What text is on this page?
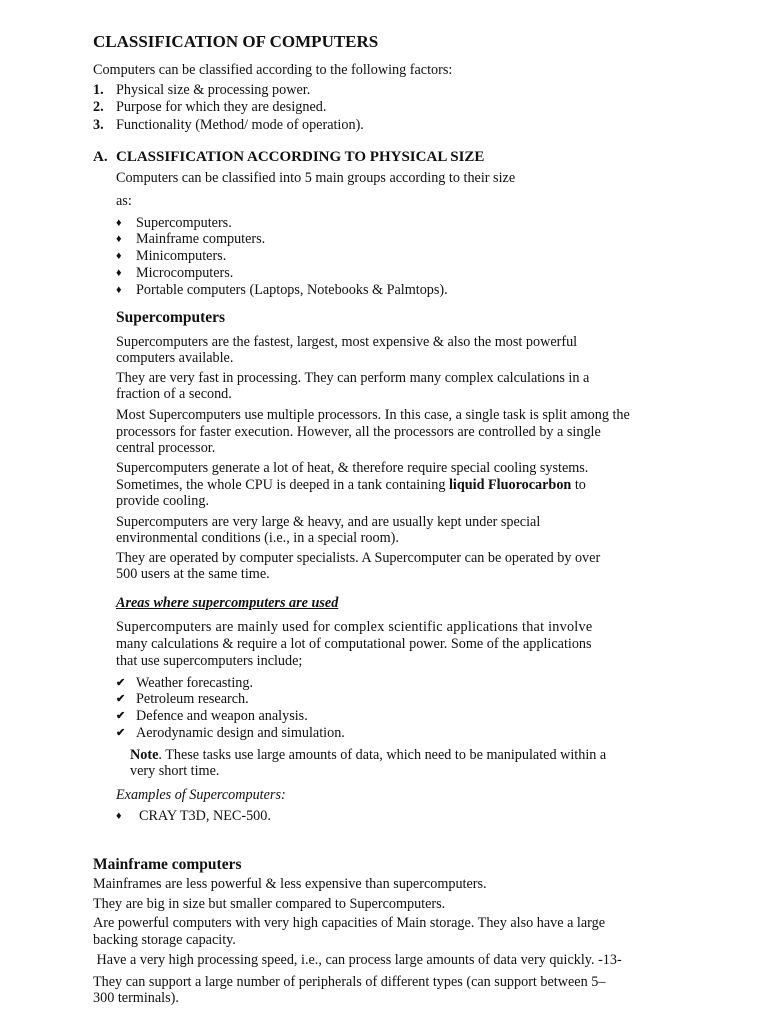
CLASSIFICATION OF COMPUTERS
Computers can be classified according to the following factors:
1. Physical size & processing power.
2. Purpose for which they are designed.
3. Functionality (Method/ mode of operation).
A. CLASSIFICATION ACCORDING TO PHYSICAL SIZE
Computers can be classified into 5 main groups according to their size
as:
♦	Supercomputers.
♦	Mainframe computers.
♦	Minicomputers.
♦	Microcomputers.
♦	Portable computers (Laptops, Notebooks & Palmtops).
Supercomputers
Supercomputers are the fastest, largest, most expensive & also the most powerful
computers available.
They are very fast in processing. They can perform many complex calculations in a
fraction of a second.
Most Supercomputers use multiple processors. In this case, a single task is split among the
processors for faster execution. However, all the processors are controlled by a single
central processor.
Supercomputers generate a lot of heat, & therefore require special cooling systems.
Sometimes, the whole CPU is deeped in a tank containing liquid Fluorocarbon to
provide cooling.
Supercomputers are very large & heavy, and are usually kept under special
environmental conditions (i.e., in a special room).
They are operated by computer specialists. A Supercomputer can be operated by over
500 users at the same time.
Areas where supercomputers are used
Supercomputers are mainly used for complex scientific applications that involve
many calculations & require a lot of computational power. Some of the applications
that use supercomputers include;
✔ Weather forecasting.
✔ Petroleum research.
✔ Defence and weapon analysis.
✔ Aerodynamic design and simulation.
Note. These tasks use large amounts of data, which need to be manipulated within a
very short time.
Examples of Supercomputers:
♦	CRAY T3D, NEC-500.
Mainframe computers
Mainframes are less powerful & less expensive than supercomputers.
They are big in size but smaller compared to Supercomputers.
Are powerful computers with very high capacities of Main storage. They also have a large
backing storage capacity.
Have a very high processing speed, i.e., can process large amounts of data very quickly. -13-
They can support a large number of peripherals of different types (can support between 5–
300 terminals).
